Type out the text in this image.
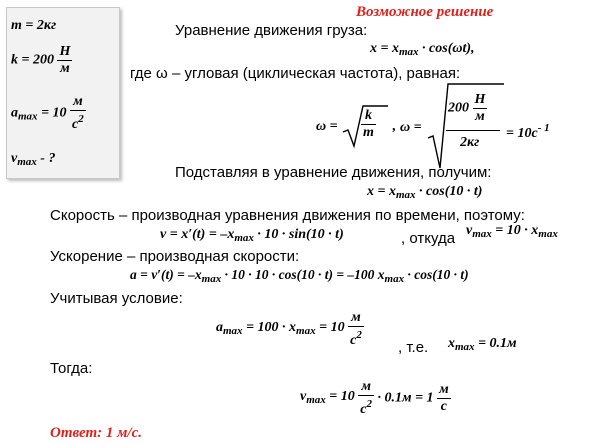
Возможное решение
m = 2кг
$k = 200 \frac{Н}{м}$
$a_{max} = 10 \frac{м}{c^2}$
$v_{max}$ - ?
Уравнение движения груза:
$x = x_{max} \cdot \cos(\omega t)$,
где ω – угловая (циклическая частота), равная:
ω =
$\frac{k}{m}$ , ω =
$200 \frac{Н}{м}$
2кг
= $10c^{- 1}$
Подставляя в уравнение движения, получим:
$x = x_{max} \cdot \cos(10 \cdot t)$
Скорость – производная уравнения движения по времени, поэтому:
$v = x'(t) = -x_{max} \cdot 10 \cdot \sin(10 \cdot t)$	, откуда $v_{max} = 10 \cdot x_{max}$
Ускорение – производная скорости:
$a = v'(t) = -x_{max} \cdot 10 \cdot 10 \cdot \cos(10 \cdot t) = -100$ $x_{max} \cdot \cos(10 \cdot t)$
Учитывая условие:
$a_{max} = 100 \cdot x_{max} = 10 \frac{м}{c^2}$ , т.е. $x_{max} = 0.1м$
Тогда:
$v_{max} = 10 \frac{м}{c^2} \cdot 0.1м = 1 \frac{м}{c}$
Ответ: 1 м/с.
